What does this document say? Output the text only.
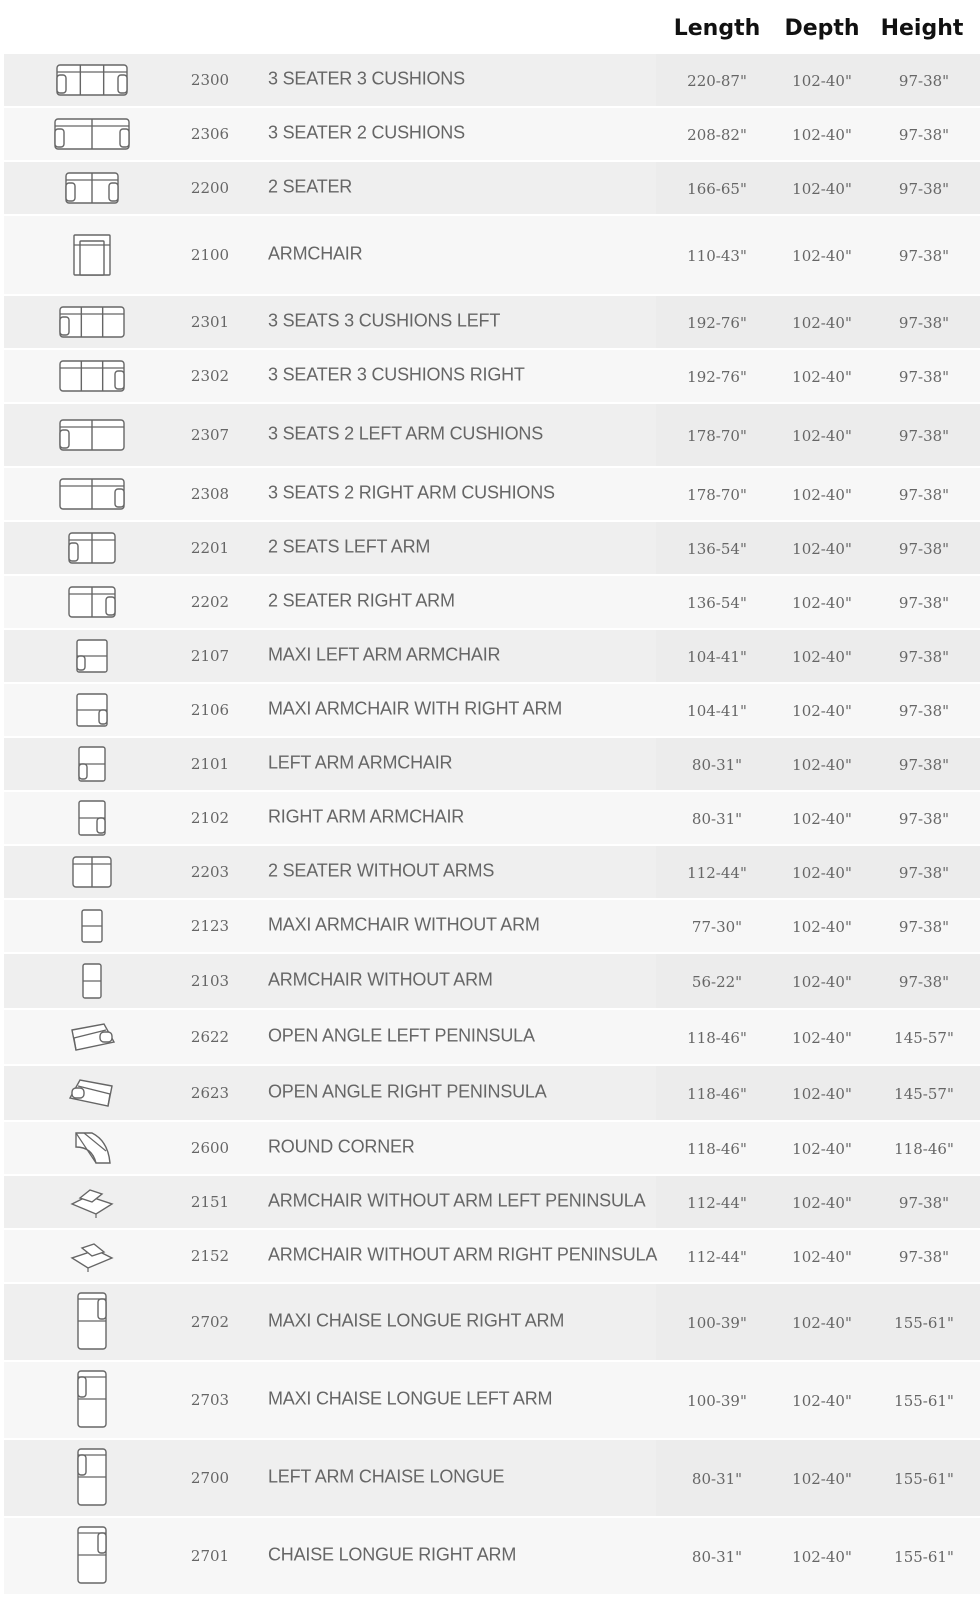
Length	Depth Height
2300	3 SEATER 3 CUSHIONS	220-87"	102-40"	97-38"
2306	3 SEATER 2 CUSHIONS	208-82"	102-40"	97-38"
2200	2 SEATER	166-65"	102-40"	97-38"
2100	ARMCHAIR	110-43"	102-40"	97-38"
2301	3 SEATS 3 CUSHIONS LEFT	192-76"	102-40"	97-38"
2302	3 SEATER 3 CUSHIONS RIGHT	192-76"	102-40"	97-38"
2307	3 SEATS 2 LEFT ARM CUSHIONS	178-70"	102-40"	97-38"
2308	3 SEATS 2 RIGHT ARM CUSHIONS	178-70"	102-40"	97-38"
2201	2 SEATS LEFT ARM	136-54"	102-40"	97-38"
2202	2 SEATER RIGHT ARM	136-54"	102-40"	97-38"
2107	MAXI LEFT ARM ARMCHAIR	104-41"	102-40"	97-38"
2106	MAXI ARMCHAIR WITH RIGHT ARM	104-41"	102-40"	97-38"
2101	LEFT ARM ARMCHAIR	80-31"	102-40"	97-38"
2102	RIGHT ARM ARMCHAIR	80-31"	102-40"	97-38"
2203	2 SEATER WITHOUT ARMS	112-44"	102-40"	97-38"
2123	MAXI ARMCHAIR WITHOUT ARM	77-30"	102-40"	97-38"
2103	ARMCHAIR WITHOUT ARM	56-22"	102-40"	97-38"
2622	OPEN ANGLE LEFT PENINSULA	118-46"	102-40"	145-57"
2623	OPEN ANGLE RIGHT PENINSULA	118-46"	102-40"	145-57"
2600	ROUND CORNER	118-46"	102-40"	118-46"
2151	ARMCHAIR WITHOUT ARM LEFT PENINSULA	112-44"	102-40"	97-38"
2152	ARMCHAIR WITHOUT ARM RIGHT PENINSULA	112-44"	102-40"	97-38"
2702	MAXI CHAISE LONGUE RIGHT ARM	100-39"	102-40"	155-61"
2703	MAXI CHAISE LONGUE LEFT ARM	100-39"	102-40"	155-61"
2700	LEFT ARM CHAISE LONGUE	80-31"	102-40"	155-61"
2701	CHAISE LONGUE RIGHT ARM	80-31"	102-40"	155-61"
